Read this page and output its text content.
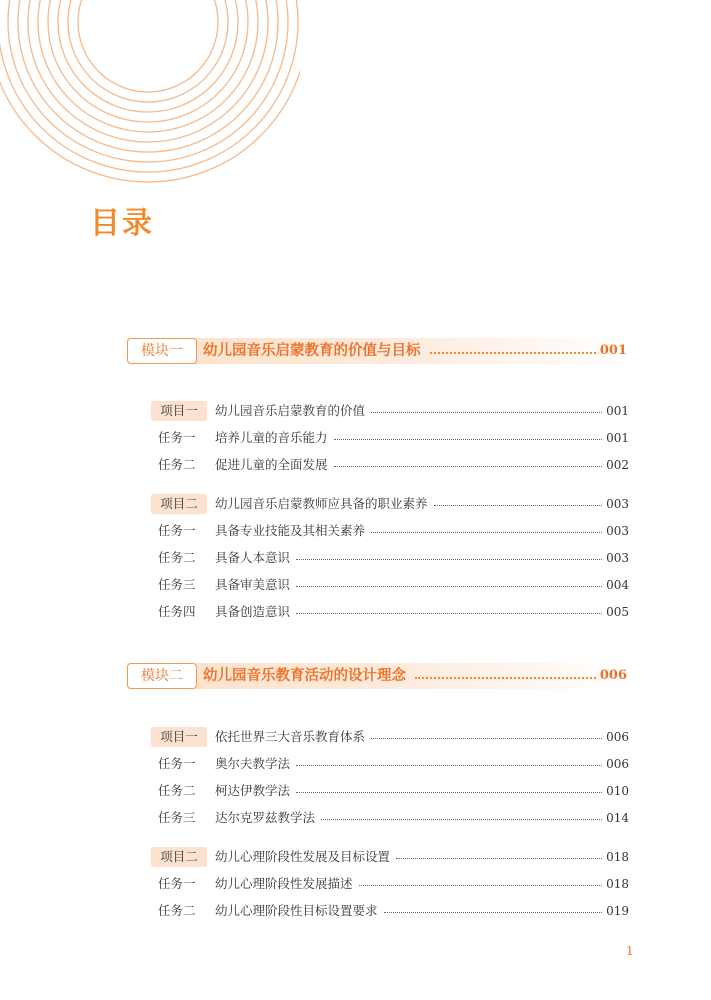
目录
模块一	幼儿园音乐启蒙教育的价值与目标	001
项目一	幼儿园音乐启蒙教育的价值	001
任务一	培养儿童的音乐能力	001
任务二	促进儿童的全面发展	002
项目二	幼儿园音乐启蒙教师应具备的职业素养	003
任务一	具备专业技能及其相关素养	003
任务二	具备人本意识	003
任务三	具备审美意识	004
任务四	具备创造意识	005
模块二	幼儿园音乐教育活动的设计理念	006
项目一	依托世界三大音乐教育体系	006
任务一	奥尔夫教学法	006
任务二	柯达伊教学法	010
任务三	达尔克罗兹教学法	014
项目二	幼儿心理阶段性发展及目标设置	018
任务一	幼儿心理阶段性发展描述	018
任务二	幼儿心理阶段性目标设置要求	019
1
